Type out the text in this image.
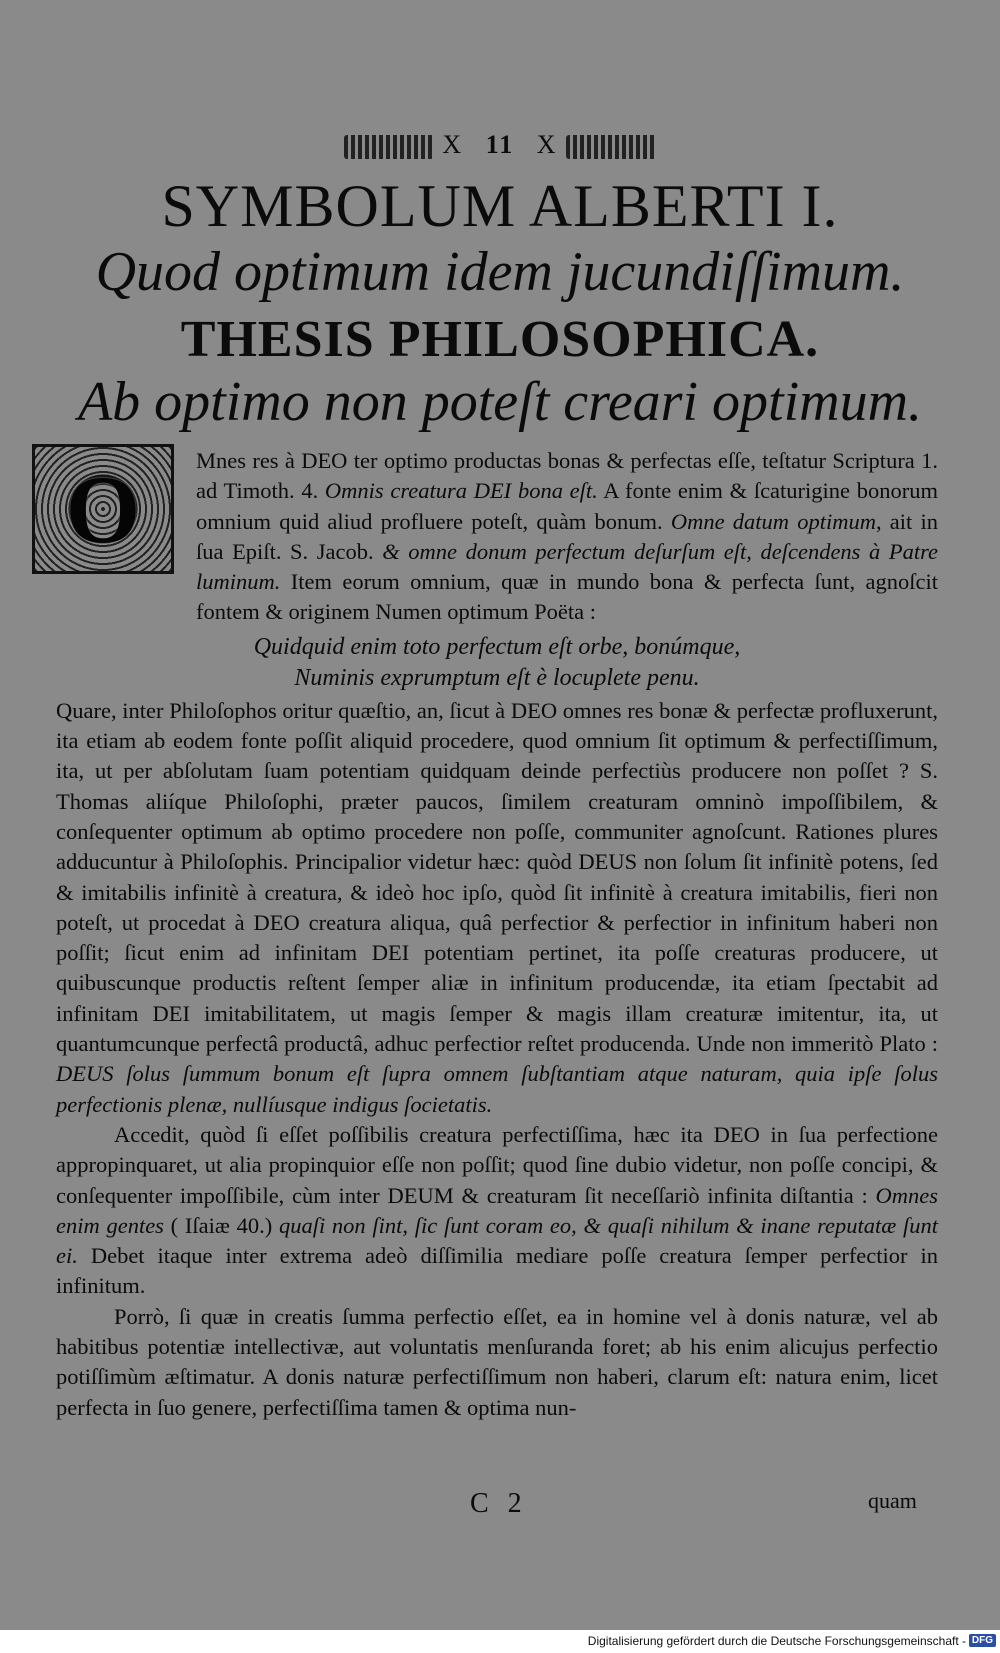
X 11 X
SYMBOLUM ALBERTI I.
Quod optimum idem jucundiſſimum.
THESIS PHILOSOPHICA.
Ab optimo non poteſt creari optimum.
O	Mnes res à DEO ter optimo productas bonas & perfectas eſſe, teſtatur Scriptura 1. ad Timoth. 4. Omnis creatura DEI bona eſt. A fonte enim & ſcaturigine bonorum omnium quid aliud profluere poteſt, quàm bonum. Omne datum optimum, ait in ſua Epiſt. S. Jacob. & omne donum perfectum deſurſum eſt, deſcendens à Patre luminum. Item eorum omnium, quæ in mundo bona & perfecta ſunt, agnoſcit fontem & originem Numen optimum Poëta :

Quidquid enim toto perfectum eſt orbe, bonúmque,
Numinis exprumptum eſt è locuplete penu.

Quare, inter Philoſophos oritur quæſtio, an, ſicut à DEO omnes res bonæ & perfectæ profluxerunt, ita etiam ab eodem fonte poſſit aliquid procedere, quod omnium ſit optimum & perfectiſſimum, ita, ut per abſolutam ſuam potentiam quidquam deinde perfectiùs producere non poſſet ? S. Thomas aliíque Philoſophi, præter paucos, ſimilem creaturam omninò impoſſibilem, & conſequenter optimum ab optimo procedere non poſſe, communiter agnoſcunt. Rationes plures adducuntur à Philoſophis. Principalior videtur hæc: quòd DEUS non ſolum ſit infinitè potens, ſed & imitabilis infinitè à creatura, & ideò hoc ipſo, quòd ſit infinitè à creatura imitabilis, fieri non poteſt, ut procedat à DEO creatura aliqua, quâ perfectior & perfectior in infinitum haberi non poſſit; ſicut enim ad infinitam DEI potentiam pertinet, ita poſſe creaturas producere, ut quibuscunque productis reſtent ſemper aliæ in infinitum producendæ, ita etiam ſpectabit ad infinitam DEI imitabilitatem, ut magis ſemper & magis illam creaturæ imitentur, ita, ut quantumcunque perfectâ productâ, adhuc perfectior reſtet producenda. Unde non immeritò Plato : DEUS ſolus ſummum bonum eſt ſupra omnem ſubſtantiam atque naturam, quia ipſe ſolus perfectionis plenæ, nullíusque indigus ſocietatis.

Accedit, quòd ſi eſſet poſſibilis creatura perfectiſſima, hæc ita DEO in ſua perfectione appropinquaret, ut alia propinquior eſſe non poſſit; quod ſine dubio videtur, non poſſe concipi, & conſequenter impoſſibile, cùm inter DEUM & creaturam ſit neceſſariò infinita diſtantia : Omnes enim gentes ( Iſaiæ 40.) quaſi non ſint, ſic ſunt coram eo, & quaſi nihilum & inane reputatæ ſunt ei. Debet itaque inter extrema adeò diſſimilia mediare poſſe creatura ſemper perfectior in infinitum.

Porrò, ſi quæ in creatis ſumma perfectio eſſet, ea in homine vel à donis naturæ, vel ab habitibus potentiæ intellectivæ, aut voluntatis menſuranda foret; ab his enim alicujus perfectio potiſſimùm æſtimatur. A donis naturæ perfectiſſimum non haberi, clarum eſt: natura enim, licet perfecta in ſuo genere, perfectiſſima tamen & optima nun-

C 2	quam
Digitalisierung gefördert durch die Deutsche Forschungsgemeinschaft - DFG
